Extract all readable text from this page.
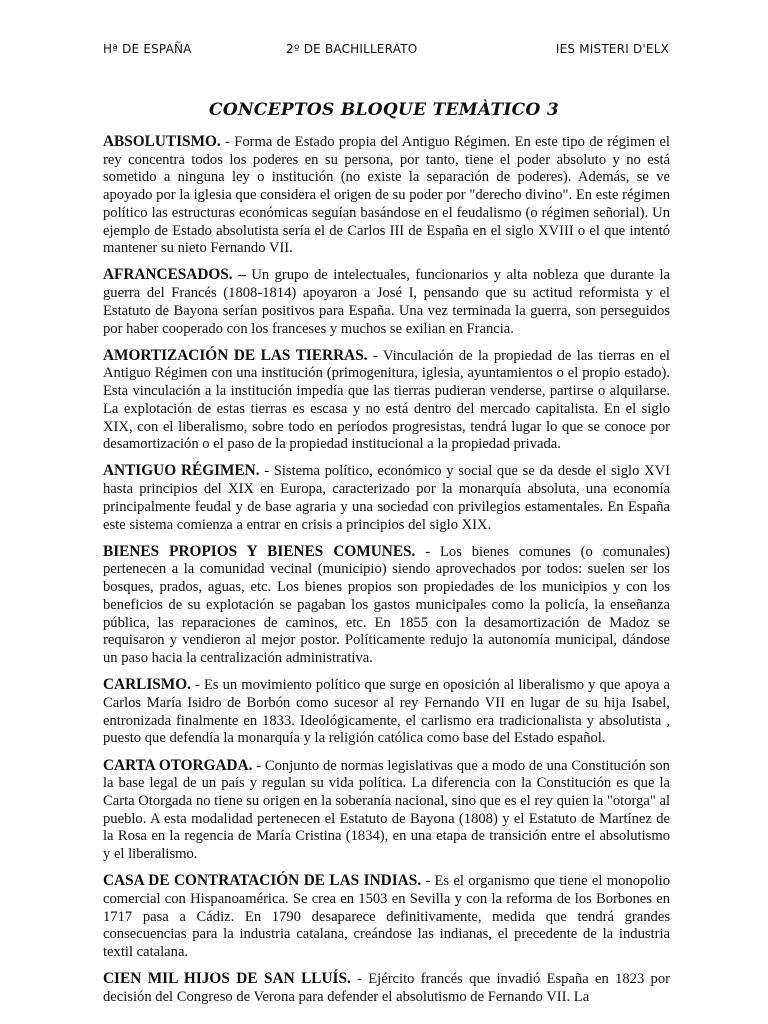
Hª DE ESPAÑA	2º DE BACHILLERATO	IES MISTERI D'ELX
CONCEPTOS BLOQUE TEMÀTICO 3

ABSOLUTISMO. - Forma de Estado propia del Antiguo Régimen. En este tipo de régimen el rey concentra todos los poderes en su persona, por tanto, tiene el poder absoluto y no está sometido a ninguna ley o institución (no existe la separación de poderes). Además, se ve apoyado por la iglesia que considera el origen de su poder por "derecho divino". En este régimen político las estructuras económicas seguían basándose en el feudalismo (o régimen señorial). Un ejemplo de Estado absolutista sería el de Carlos III de España en el siglo XVIII o el que intentó mantener su nieto Fernando VII.

AFRANCESADOS. – Un grupo de intelectuales, funcionarios y alta nobleza que durante la guerra del Francés (1808-1814) apoyaron a José I, pensando que su actitud reformista y el Estatuto de Bayona serían positivos para España. Una vez terminada la guerra, son perseguidos por haber cooperado con los franceses y muchos se exilian en Francia.

AMORTIZACIÓN DE LAS TIERRAS. - Vinculación de la propiedad de las tierras en el Antiguo Régimen con una institución (primogenitura, iglesia, ayuntamientos o el propio estado). Esta vinculación a la institución impedía que las tierras pudieran venderse, partirse o alquilarse. La explotación de estas tierras es escasa y no está dentro del mercado capitalista. En el siglo XIX, con el liberalismo, sobre todo en períodos progresistas, tendrá lugar lo que se conoce por desamortización o el paso de la propiedad institucional a la propiedad privada.

ANTIGUO RÉGIMEN. - Sistema político, económico y social que se da desde el siglo XVI hasta principios del XIX en Europa, caracterizado por la monarquía absoluta, una economía principalmente feudal y de base agraria y una sociedad con privilegios estamentales. En España este sistema comienza a entrar en crisis a principios del siglo XIX.

BIENES PROPIOS Y BIENES COMUNES. - Los bienes comunes (o comunales) pertenecen a la comunidad vecinal (municipio) siendo aprovechados por todos: suelen ser los bosques, prados, aguas, etc. Los bienes propios son propiedades de los municipios y con los beneficios de su explotación se pagaban los gastos municipales como la policía, la enseñanza pública, las reparaciones de caminos, etc. En 1855 con la desamortización de Madoz se requisaron y vendieron al mejor postor. Políticamente redujo la autonomía municipal, dándose un paso hacia la centralización administrativa.

CARLISMO. - Es un movimiento político que surge en oposición al liberalismo y que apoya a Carlos María Isidro de Borbón como sucesor al rey Fernando VII en lugar de su hija Isabel, entronizada finalmente en 1833. Ideológicamente, el carlismo era tradicionalista y absolutista , puesto que defendía la monarquía y la religión católica como base del Estado español.

CARTA OTORGADA. - Conjunto de normas legislativas que a modo de una Constitución son la base legal de un país y regulan su vida política. La diferencia con la Constitución es que la Carta Otorgada no tiene su origen en la soberanía nacional, sino que es el rey quien la "otorga" al pueblo. A esta modalidad pertenecen el Estatuto de Bayona (1808) y el Estatuto de Martínez de la Rosa en la regencia de María Cristina (1834), en una etapa de transición entre el absolutismo y el liberalismo.

CASA DE CONTRATACIÓN DE LAS INDIAS. - Es el organismo que tiene el monopolio comercial con Hispanoamérica. Se crea en 1503 en Sevilla y con la reforma de los Borbones en 1717 pasa a Cádiz. En 1790 desaparece definitivamente, medida que tendrá grandes consecuencias para la industria catalana, creándose las indianas, el precedente de la industria textil catalana.

CIEN MIL HIJOS DE SAN LLUÍS. - Ejército francés que invadió España en 1823 por decisión del Congreso de Verona para defender el absolutismo de Fernando VII. La
